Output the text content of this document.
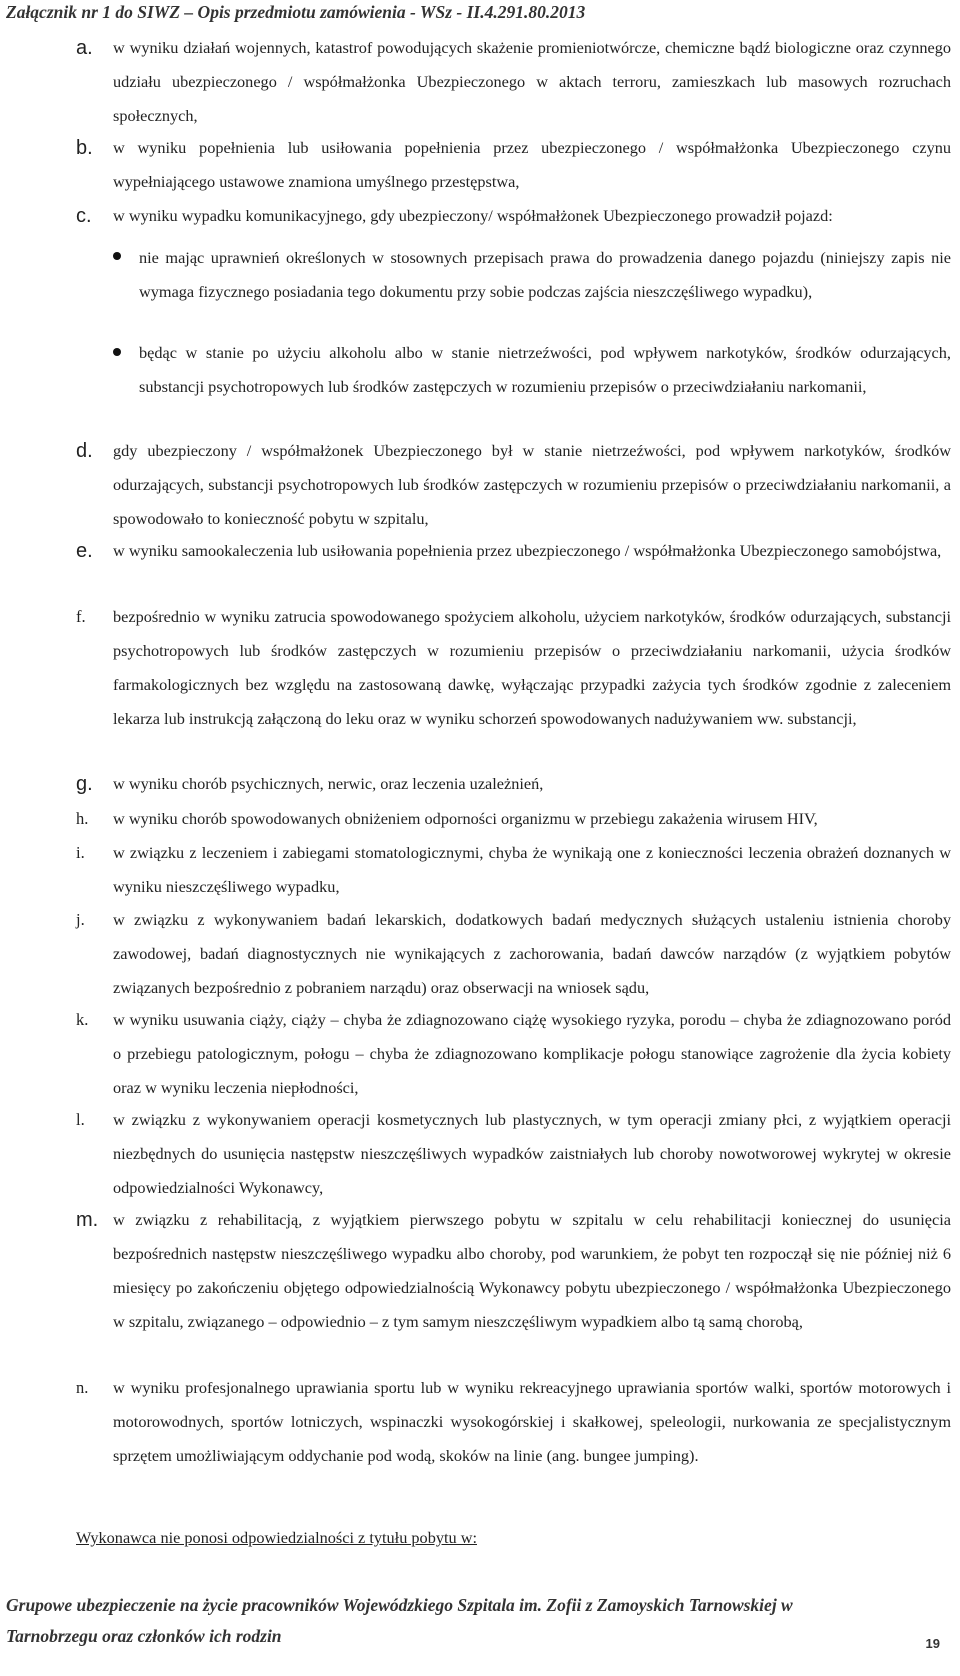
Załącznik nr 1 do SIWZ – Opis przedmiotu zamówienia - WSz - II.4.291.80.2013
a. w wyniku działań wojennych, katastrof powodujących skażenie promieniotwórcze, chemiczne bądź biologiczne oraz czynnego udziału ubezpieczonego / współmałżonka Ubezpieczonego w aktach terroru, zamieszkach lub masowych rozruchach społecznych,
b. w wyniku popełnienia lub usiłowania popełnienia przez ubezpieczonego / współmałżonka Ubezpieczonego czynu wypełniającego ustawowe znamiona umyślnego przestępstwa,
c. w wyniku wypadku komunikacyjnego, gdy ubezpieczony/ współmałżonek Ubezpieczonego prowadził pojazd:
nie mając uprawnień określonych w stosownych przepisach prawa do prowadzenia danego pojazdu (niniejszy zapis nie wymaga fizycznego posiadania tego dokumentu przy sobie podczas zajścia nieszczęśliwego wypadku),
będąc w stanie po użyciu alkoholu albo w stanie nietrzeźwości, pod wpływem narkotyków, środków odurzających, substancji psychotropowych lub środków zastępczych w rozumieniu przepisów o przeciwdziałaniu narkomanii,
d. gdy ubezpieczony / współmałżonek Ubezpieczonego był w stanie nietrzeźwości, pod wpływem narkotyków, środków odurzających, substancji psychotropowych lub środków zastępczych w rozumieniu przepisów o przeciwdziałaniu narkomanii, a spowodowało to konieczność pobytu w szpitalu,
e. w wyniku samookaleczenia lub usiłowania popełnienia przez ubezpieczonego / współmałżonka Ubezpieczonego samobójstwa,
f. bezpośrednio w wyniku zatrucia spowodowanego spożyciem alkoholu, użyciem narkotyków, środków odurzających, substancji psychotropowych lub środków zastępczych w rozumieniu przepisów o przeciwdziałaniu narkomanii, użycia środków farmakologicznych bez względu na zastosowaną dawkę, wyłączając przypadki zażycia tych środków zgodnie z zaleceniem lekarza lub instrukcją załączoną do leku oraz w wyniku schorzeń spowodowanych nadużywaniem ww. substancji,
g. w wyniku chorób psychicznych, nerwic, oraz leczenia uzależnień,
h. w wyniku chorób spowodowanych obniżeniem odporności organizmu w przebiegu zakażenia wirusem HIV,
i. w związku z leczeniem i zabiegami stomatologicznymi, chyba że wynikają one z konieczności leczenia obrażeń doznanych w wyniku nieszczęśliwego wypadku,
j. w związku z wykonywaniem badań lekarskich, dodatkowych badań medycznych służących ustaleniu istnienia choroby zawodowej, badań diagnostycznych nie wynikających z zachorowania, badań dawców narządów (z wyjątkiem pobytów związanych bezpośrednio z pobraniem narządu) oraz obserwacji na wniosek sądu,
k. w wyniku usuwania ciąży, ciąży – chyba że zdiagnozowano ciążę wysokiego ryzyka, porodu – chyba że zdiagnozowano poród o przebiegu patologicznym, połogu – chyba że zdiagnozowano komplikacje połogu stanowiące zagrożenie dla życia kobiety oraz w wyniku leczenia niepłodności,
l. w związku z wykonywaniem operacji kosmetycznych lub plastycznych, w tym operacji zmiany płci, z wyjątkiem operacji niezbędnych do usunięcia następstw nieszczęśliwych wypadków zaistniałych lub choroby nowotworowej wykrytej w okresie odpowiedzialności Wykonawcy,
m. w związku z rehabilitacją, z wyjątkiem pierwszego pobytu w szpitalu w celu rehabilitacji koniecznej do usunięcia bezpośrednich następstw nieszczęśliwego wypadku albo choroby, pod warunkiem, że pobyt ten rozpoczął się nie później niż 6 miesięcy po zakończeniu objętego odpowiedzialnością Wykonawcy pobytu ubezpieczonego / współmałżonka Ubezpieczonego w szpitalu, związanego – odpowiednio – z tym samym nieszczęśliwym wypadkiem albo tą samą chorobą,
n. w wyniku profesjonalnego uprawiania sportu lub w wyniku rekreacyjnego uprawiania sportów walki, sportów motorowych i motorowodnych, sportów lotniczych, wspinaczki wysokogórskiej i skałkowej, speleologii, nurkowania ze specjalistycznym sprzętem umożliwiającym oddychanie pod wodą, skoków na linie (ang. bungee jumping).
Wykonawca nie ponosi odpowiedzialności z tytułu pobytu w:
Grupowe ubezpieczenie na życie pracowników Wojewódzkiego Szpitala im. Zofii z Zamoyskich Tarnowskiej w
Tarnobrzegu oraz członków ich rodzin	19
